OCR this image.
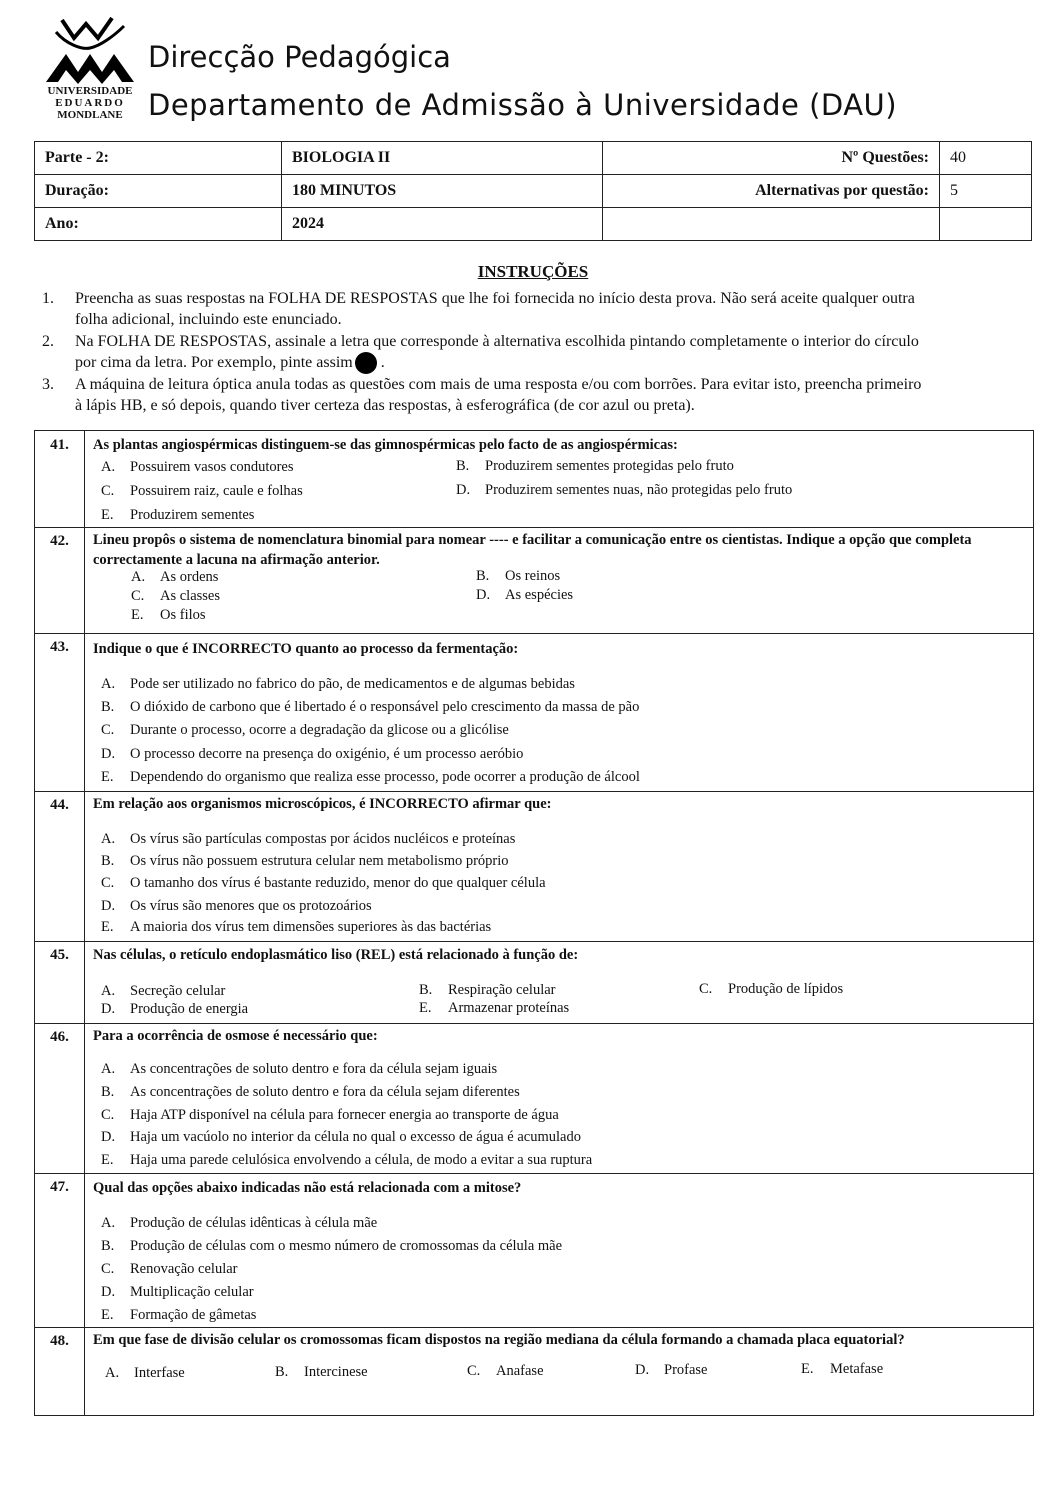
UNIVERSIDADE
EDUARDO
MONDLANE
Direcção Pedagógica
Departamento de Admissão à Universidade (DAU)
Parte - 2:	BIOLOGIA II	Nº Questões:	40
Duração:	180 MINUTOS	Alternativas por questão:	5
Ano:	2024		
INSTRUÇÕES
1. Preencha as suas respostas na FOLHA DE RESPOSTAS que lhe foi fornecida no início desta prova. Não será aceite qualquer outra
folha adicional, incluindo este enunciado.
2. Na FOLHA DE RESPOSTAS, assinale a letra que corresponde à alternativa escolhida pintando completamente o interior do círculo
por cima da letra. Por exemplo, pinte assim .
3. A máquina de leitura óptica anula todas as questões com mais de uma resposta e/ou com borrões. Para evitar isto, preencha primeiro
à lápis HB, e só depois, quando tiver certeza das respostas, à esferográfica (de cor azul ou preta).
41.	As plantas angiospérmicas distinguem-se das gimnospérmicas pelo facto de as angiospérmicas:
A. Possuirem vasos condutores	B. Produzirem sementes protegidas pelo fruto
C. Possuirem raiz, caule e folhas	D. Produzirem sementes nuas, não protegidas pelo fruto
E. Produzirem sementes
42.	Lineu propôs o sistema de nomenclatura binomial para nomear ---- e facilitar a comunicação entre os cientistas. Indique a opção que completa correctamente a lacuna na afirmação anterior.
A. As ordens	B. Os reinos
C. As classes	D. As espécies
E. Os filos
43.	Indique o que é INCORRECTO quanto ao processo da fermentação:
A. Pode ser utilizado no fabrico do pão, de medicamentos e de algumas bebidas
B. O dióxido de carbono que é libertado é o responsável pelo crescimento da massa de pão
C. Durante o processo, ocorre a degradação da glicose ou a glicólise
D. O processo decorre na presença do oxigénio, é um processo aeróbio
E. Dependendo do organismo que realiza esse processo, pode ocorrer a produção de álcool
44.	Em relação aos organismos microscópicos, é INCORRECTO afirmar que:
A. Os vírus são partículas compostas por ácidos nucléicos e proteínas
B. Os vírus não possuem estrutura celular nem metabolismo próprio
C. O tamanho dos vírus é bastante reduzido, menor do que qualquer célula
D. Os vírus são menores que os protozoários
E. A maioria dos vírus tem dimensões superiores às das bactérias
45.	Nas células, o retículo endoplasmático liso (REL) está relacionado à função de:
A. Secreção celular	B. Respiração celular	C. Produção de lípidos
D. Produção de energia	E. Armazenar proteínas
46.	Para a ocorrência de osmose é necessário que:
A. As concentrações de soluto dentro e fora da célula sejam iguais
B. As concentrações de soluto dentro e fora da célula sejam diferentes
C. Haja ATP disponível na célula para fornecer energia ao transporte de água
D. Haja um vacúolo no interior da célula no qual o excesso de água é acumulado
E. Haja uma parede celulósica envolvendo a célula, de modo a evitar a sua ruptura
47.	Qual das opções abaixo indicadas não está relacionada com a mitose?
A. Produção de células idênticas à célula mãe
B. Produção de células com o mesmo número de cromossomas da célula mãe
C. Renovação celular
D. Multiplicação celular
E. Formação de gâmetas
48.	Em que fase de divisão celular os cromossomas ficam dispostos na região mediana da célula formando a chamada placa equatorial?
A. Interfase	B. Intercinese	C. Anafase	D. Profase	E. Metafase
